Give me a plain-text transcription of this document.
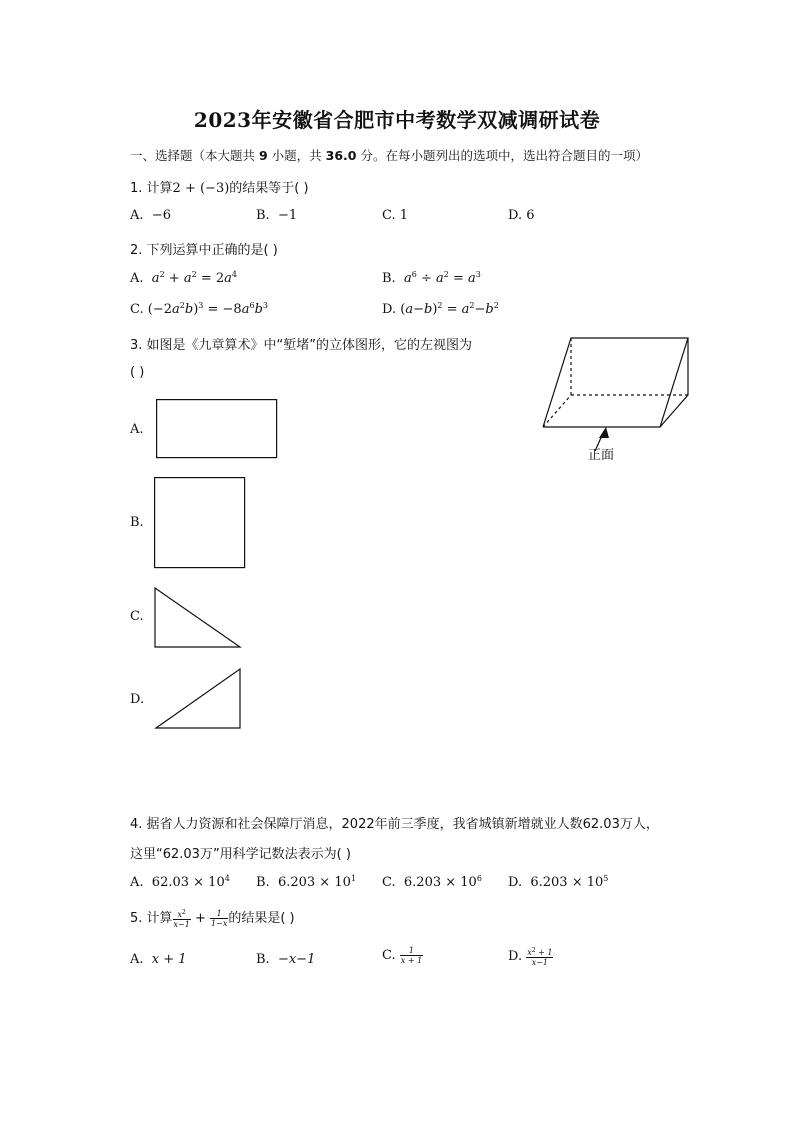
2023年安徽省合肥市中考数学双减调研试卷
一、选择题（本大题共 9 小题，共 36.0 分。在每小题列出的选项中，选出符合题目的一项）
1. 计算2 + (−3)的结果等于( )
A. −6	B. −1	C. 1	D. 6
2. 下列运算中正确的是( )
A. $a^2 + a^2 = 2a^4$	B. $a^6 \div a^2 = a^3$
C. $(-2a^2b)^3 = -8a^6b^3$	D. $(a-b)^2 = a^2-b^2$
3. 如图是《九章算术》中“堑堵”的立体图形，它的左视图为
( )
正面
A.
B.
C.
D.
4. 据省人力资源和社会保障厅消息，2022年前三季度，我省城镇新增就业人数62.03万人，
这里“62.03万”用科学记数法表示为( )
A. $62.03 \times 10^4$ B. $6.203 \times 10^1$ C. $6.203 \times 10^6$ D. $6.203 \times 10^5$
5. 计算 $\frac{x^2}{x-1} + \frac{1}{1-x}$ 的结果是( )
A. x + 1	B. −x−1	C. $\frac{1}{x + 1}$	D. $\frac{x^2 + 1}{x-1}$
